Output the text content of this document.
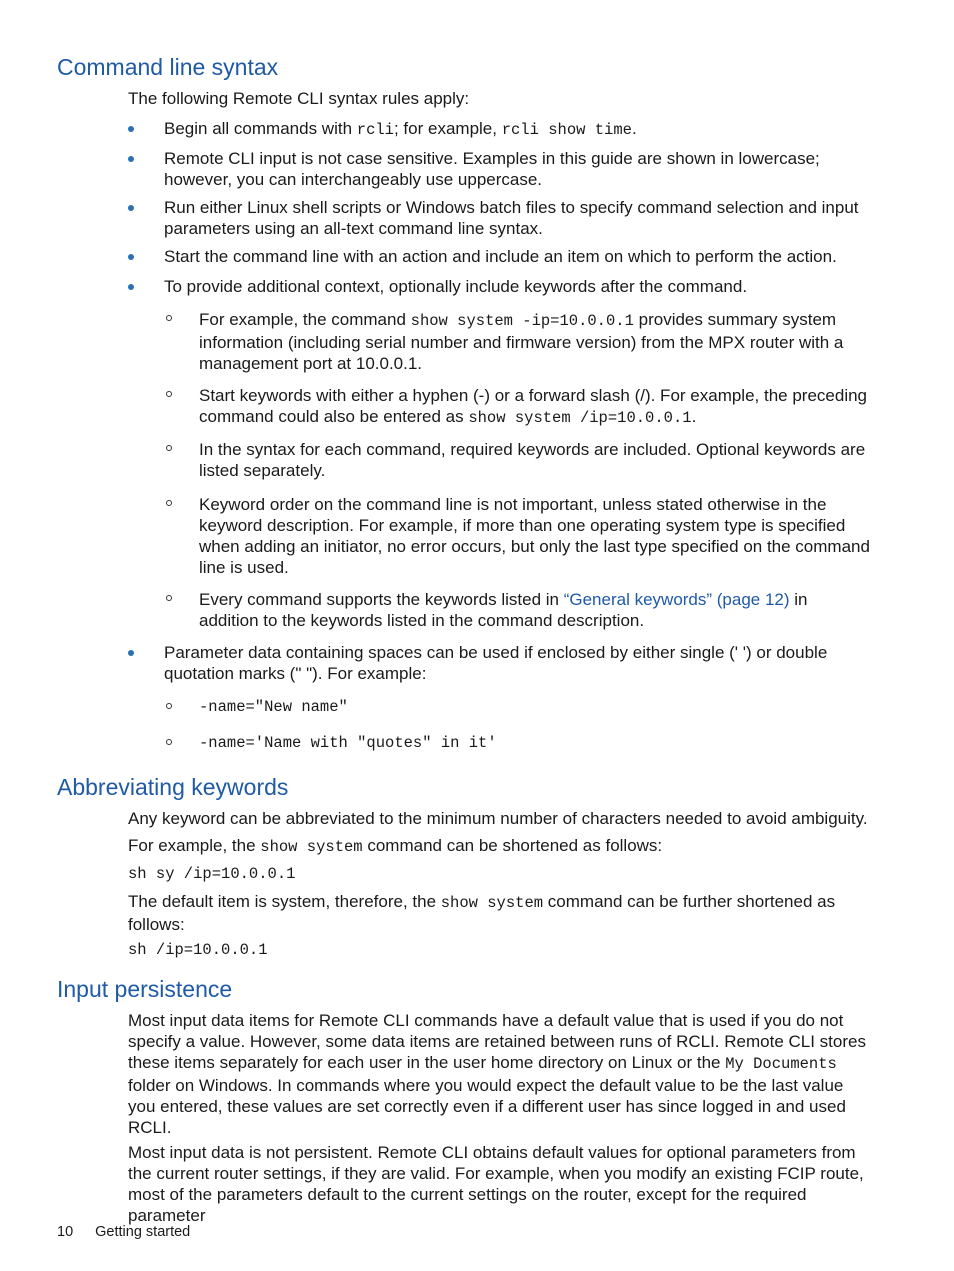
Command line syntax

The following Remote CLI syntax rules apply:

Begin all commands with rcli; for example, rcli show time.
Remote CLI input is not case sensitive. Examples in this guide are shown in lowercase; however, you can interchangeably use uppercase.
Run either Linux shell scripts or Windows batch files to specify command selection and input parameters using an all-text command line syntax.
Start the command line with an action and include an item on which to perform the action.
To provide additional context, optionally include keywords after the command.
For example, the command show system -ip=10.0.0.1 provides summary system information (including serial number and firmware version) from the MPX router with a management port at 10.0.0.1.
Start keywords with either a hyphen (-) or a forward slash (/). For example, the preceding command could also be entered as show system /ip=10.0.0.1.
In the syntax for each command, required keywords are included. Optional keywords are listed separately.
Keyword order on the command line is not important, unless stated otherwise in the keyword description. For example, if more than one operating system type is specified when adding an initiator, no error occurs, but only the last type specified on the command line is used.
Every command supports the keywords listed in “General keywords” (page 12) in addition to the keywords listed in the command description.
Parameter data containing spaces can be used if enclosed by either single (' ') or double quotation marks (" "). For example:
-name="New name"
-name='Name with "quotes" in it'
Abbreviating keywords

Any keyword can be abbreviated to the minimum number of characters needed to avoid ambiguity.

For example, the show system command can be shortened as follows:

sh sy /ip=10.0.0.1

The default item is system, therefore, the show system command can be further shortened as follows:

sh /ip=10.0.0.1
Input persistence

Most input data items for Remote CLI commands have a default value that is used if you do not specify a value. However, some data items are retained between runs of RCLI. Remote CLI stores these items separately for each user in the user home directory on Linux or the My Documents folder on Windows. In commands where you would expect the default value to be the last value you entered, these values are set correctly even if a different user has since logged in and used RCLI.

Most input data is not persistent. Remote CLI obtains default values for optional parameters from the current router settings, if they are valid. For example, when you modify an existing FCIP route, most of the parameters default to the current settings on the router, except for the required parameter

10 Getting started
